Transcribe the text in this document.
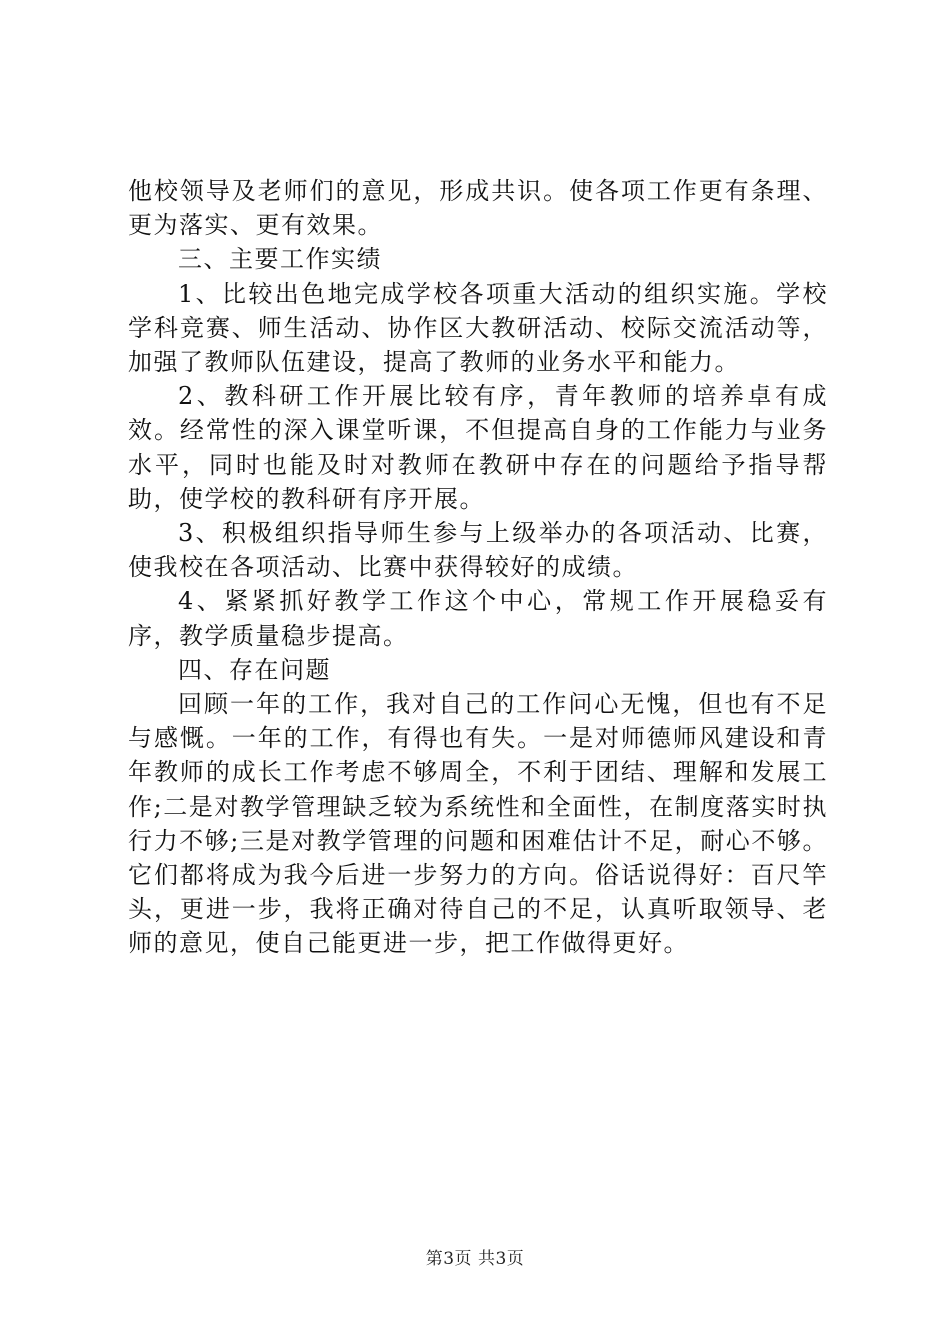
他校领导及老师们的意见，形成共识。使各项工作更有条理、更为落实、更有效果。

三、主要工作实绩

1、比较出色地完成学校各项重大活动的组织实施。学校学科竞赛、师生活动、协作区大教研活动、校际交流活动等，加强了教师队伍建设，提高了教师的业务水平和能力。

2、教科研工作开展比较有序，青年教师的培养卓有成效。经常性的深入课堂听课，不但提高自身的工作能力与业务水平，同时也能及时对教师在教研中存在的问题给予指导帮助，使学校的教科研有序开展。

3、积极组织指导师生参与上级举办的各项活动、比赛，使我校在各项活动、比赛中获得较好的成绩。

4、紧紧抓好教学工作这个中心，常规工作开展稳妥有序，教学质量稳步提高。

四、存在问题

回顾一年的工作，我对自己的工作问心无愧，但也有不足与感慨。一年的工作，有得也有失。一是对师德师风建设和青年教师的成长工作考虑不够周全，不利于团结、理解和发展工作;二是对教学管理缺乏较为系统性和全面性，在制度落实时执行力不够;三是对教学管理的问题和困难估计不足，耐心不够。它们都将成为我今后进一步努力的方向。俗话说得好：百尺竿头，更进一步，我将正确对待自己的不足，认真听取领导、老师的意见，使自己能更进一步，把工作做得更好。

第3页 共3页
